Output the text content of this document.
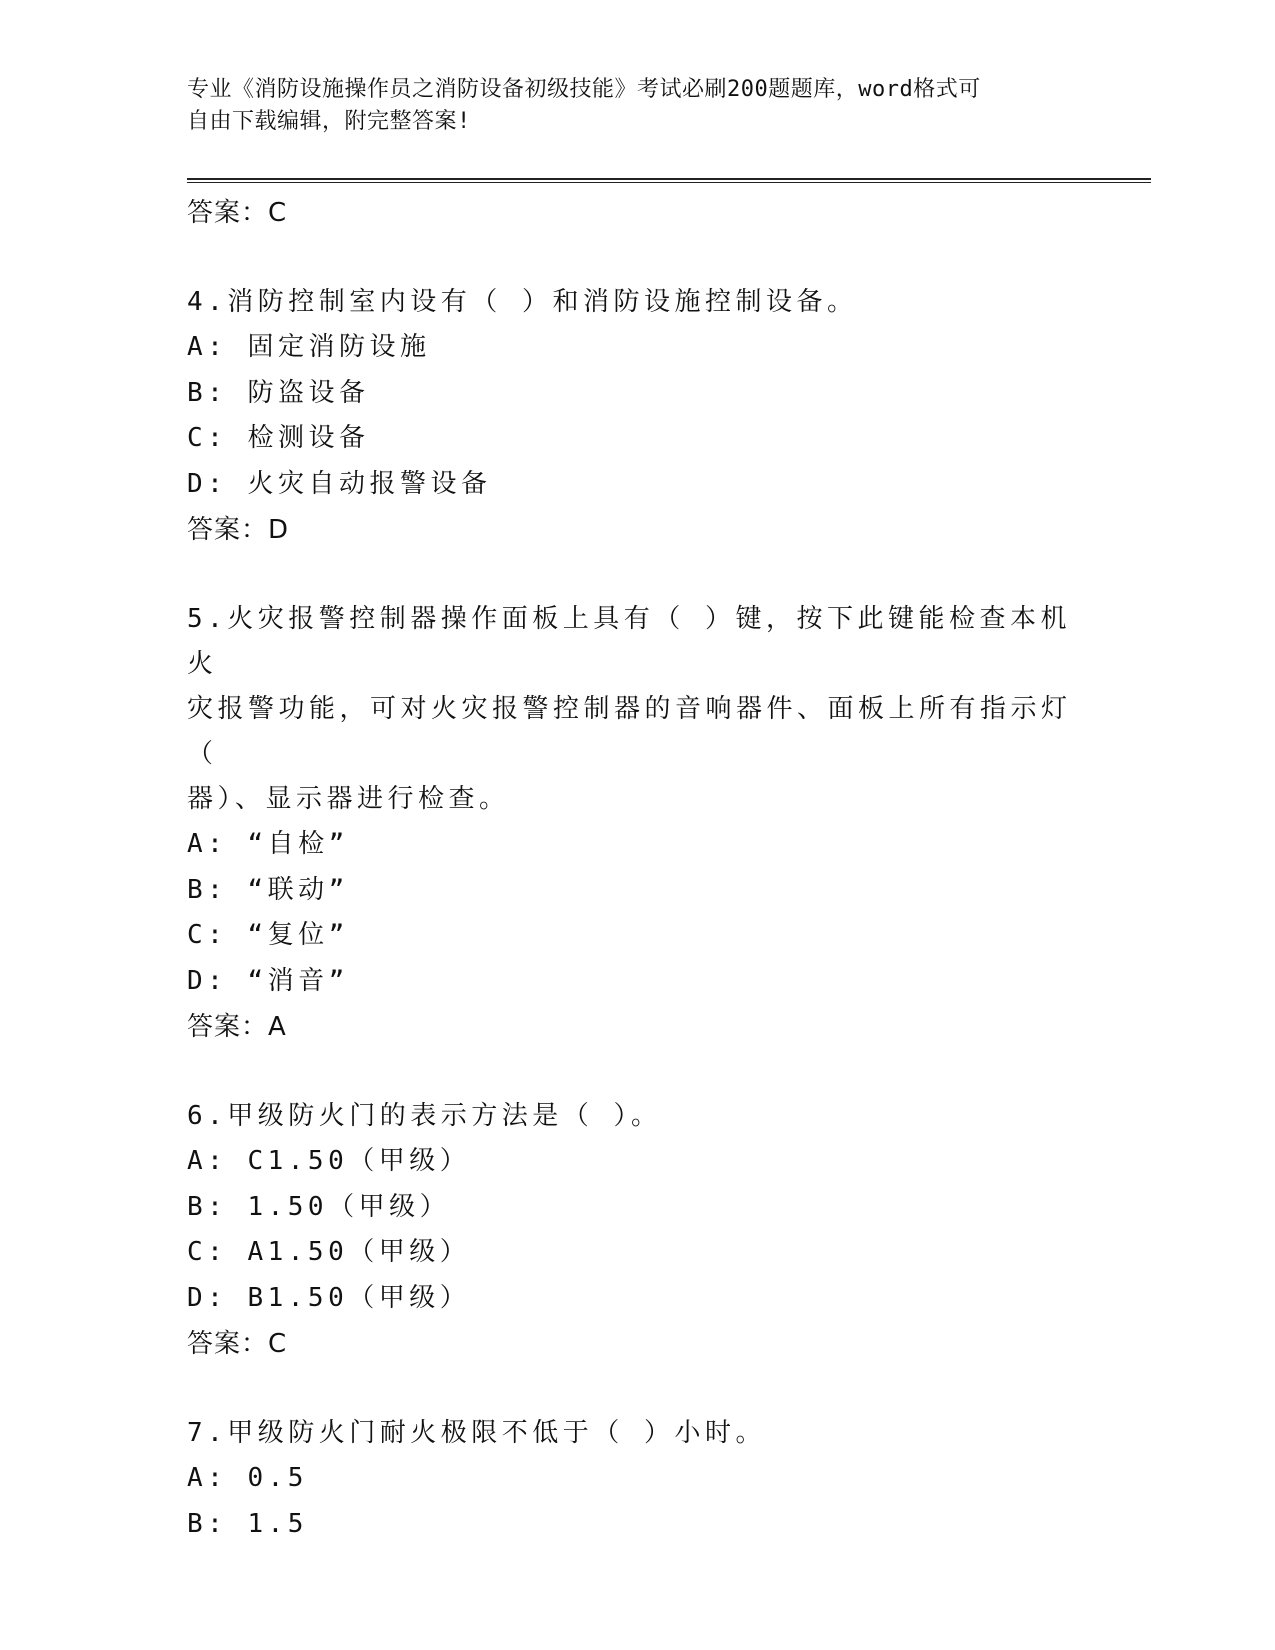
专业《消防设施操作员之消防设备初级技能》考试必刷200题题库，word格式可
自由下载编辑，附完整答案!
答案：C
4.消防控制室内设有（ ）和消防设施控制设备。
A: 固定消防设施
B: 防盗设备
C: 检测设备
D: 火灾自动报警设备
答案：D
5.火灾报警控制器操作面板上具有（ ）键，按下此键能检查本机火
灾报警功能，可对火灾报警控制器的音响器件、面板上所有指示灯（
器）、显示器进行检查。
A: “自检”
B: “联动”
C: “复位”
D: “消音”
答案：A
6.甲级防火门的表示方法是（ ）。
A: C1.50（甲级）
B: 1.50（甲级）
C: A1.50（甲级）
D: B1.50（甲级）
答案：C
7.甲级防火门耐火极限不低于（ ）小时。
A: 0.5
B: 1.5
